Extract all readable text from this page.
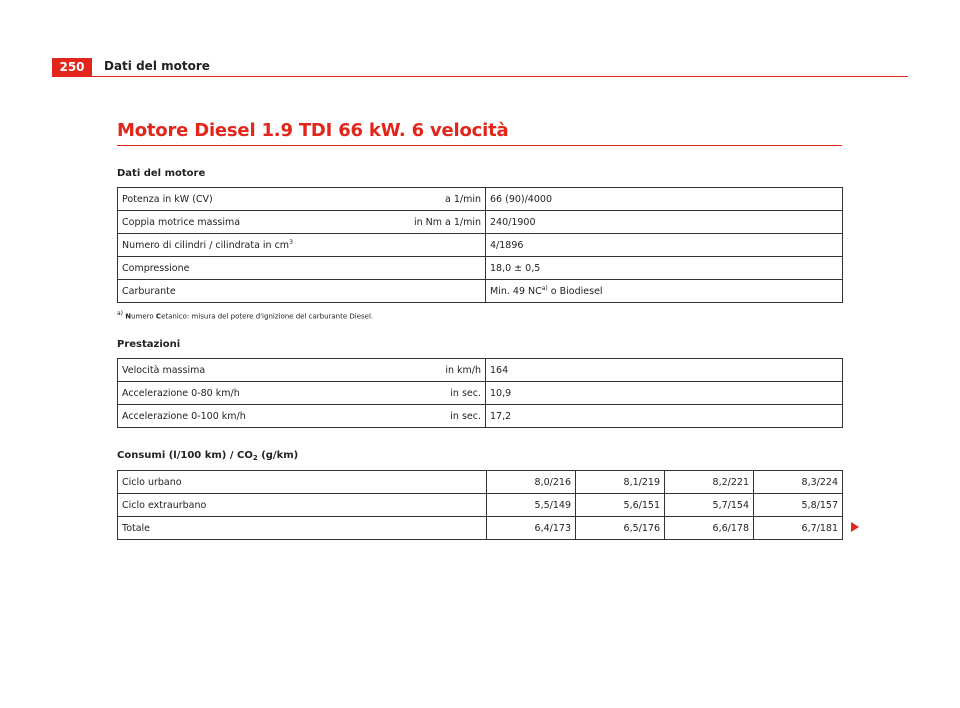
250	Dati del motore
Motore Diesel 1.9 TDI 66 kW. 6 velocità
Dati del motore
Potenza in kW (CV)	a 1/min	66 (90)/4000
Coppia motrice massima	in Nm a 1/min	240/1900
Numero di cilindri / cilindrata in $cm^3$		4/1896
Compressione		18,0 ± 0,5
Carburante		Min. 49 NC$^{a)}$ o Biodiesel
$^{a)}$ Numero Cetanico: misura del potere d'ignizione del carburante Diesel.
Prestazioni
Velocità massima	in km/h	164
Accelerazione 0-80 km/h	in sec.	10,9
Accelerazione 0-100 km/h	in sec.	17,2
Consumi (l/100 $km) / CO_2$ (g/km)
Ciclo urbano	8,0/216	8,1/219	8,2/221	8,3/224
Ciclo extraurbano	5,5/149	5,6/151	5,7/154	5,8/157
Totale	6,4/173	6,5/176	6,6/178	6,7/181
